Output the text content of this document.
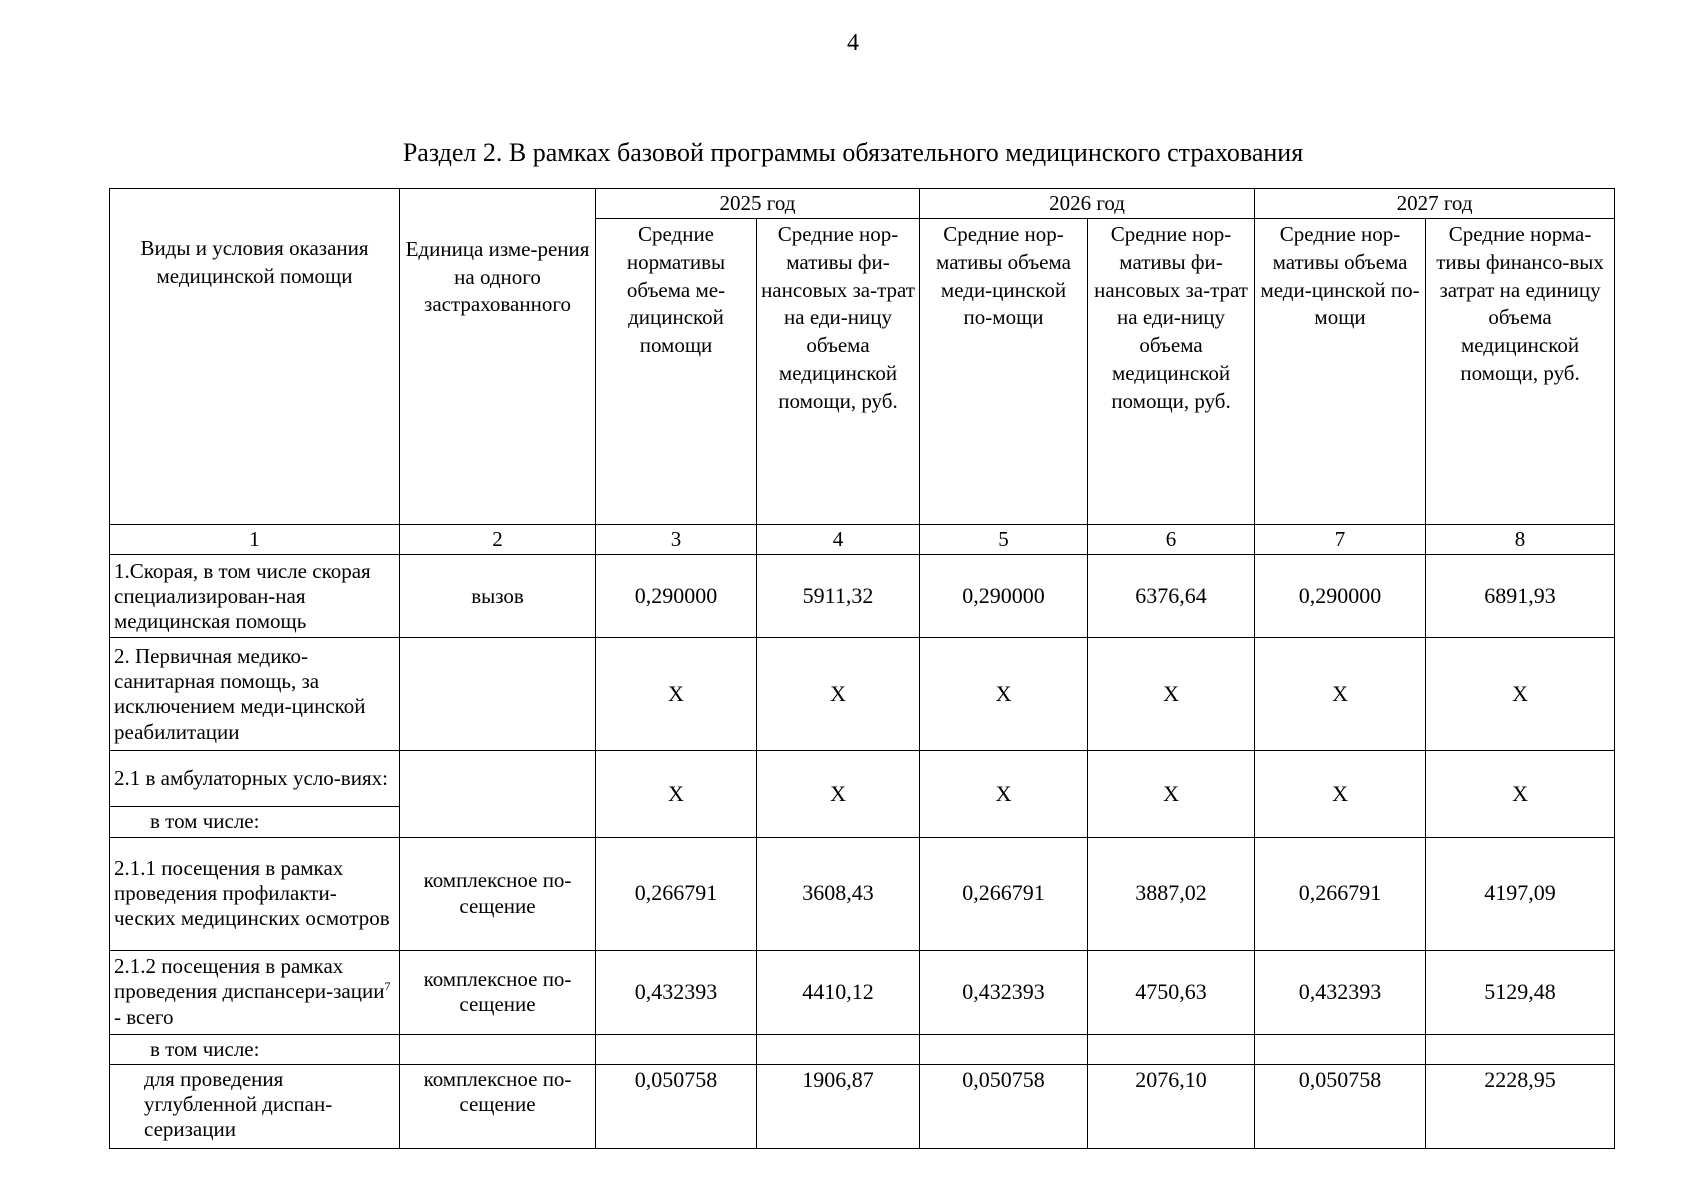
4
Раздел 2. В рамках базовой программы обязательного медицинского страхования
Виды и условия оказания медицинской помощи	Единица изме-рения на одного застрахованного	2025 год		2026 год		2027 год	
		Средние нормативы объема ме-дицинской помощи	Средние нор-мативы фи-нансовых за-трат на еди-ницу объема медицинской помощи, руб.	Средние нор-мативы объема меди-цинской по-мощи	Средние нор-мативы фи-нансовых за-трат на еди-ницу объема медицинской помощи, руб.	Средние нор-мативы объема меди-цинской по-мощи	Средние норма-тивы финансо-вых затрат на единицу объема медицинской помощи, руб.
1	2	3	4	5	6	7	8
1.Скорая, в том числе скорая специализирован-ная медицинская помощь	вызов	0,290000	5911,32	0,290000	6376,64	0,290000	6891,93
2. Первичная медико-санитарная помощь, за исключением меди-цинской реабилитации		Х	Х	Х	Х	Х	Х
2.1 в амбулаторных усло-виях:		Х	Х	Х	Х	Х	Х
в том числе:							
2.1.1 посещения в рамках проведения профилакти-ческих медицинских осмотров	комплексное по-сещение	0,266791	3608,43	0,266791	3887,02	0,266791	4197,09
2.1.2 посещения в рамках проведения диспансери-зации$^7$ - всего	комплексное по-сещение	0,432393	4410,12	0,432393	4750,63	0,432393	5129,48
в том числе:							
для проведения углубленной диспан-серизации	комплексное по-сещение	0,050758	1906,87	0,050758	2076,10	0,050758	2228,95
